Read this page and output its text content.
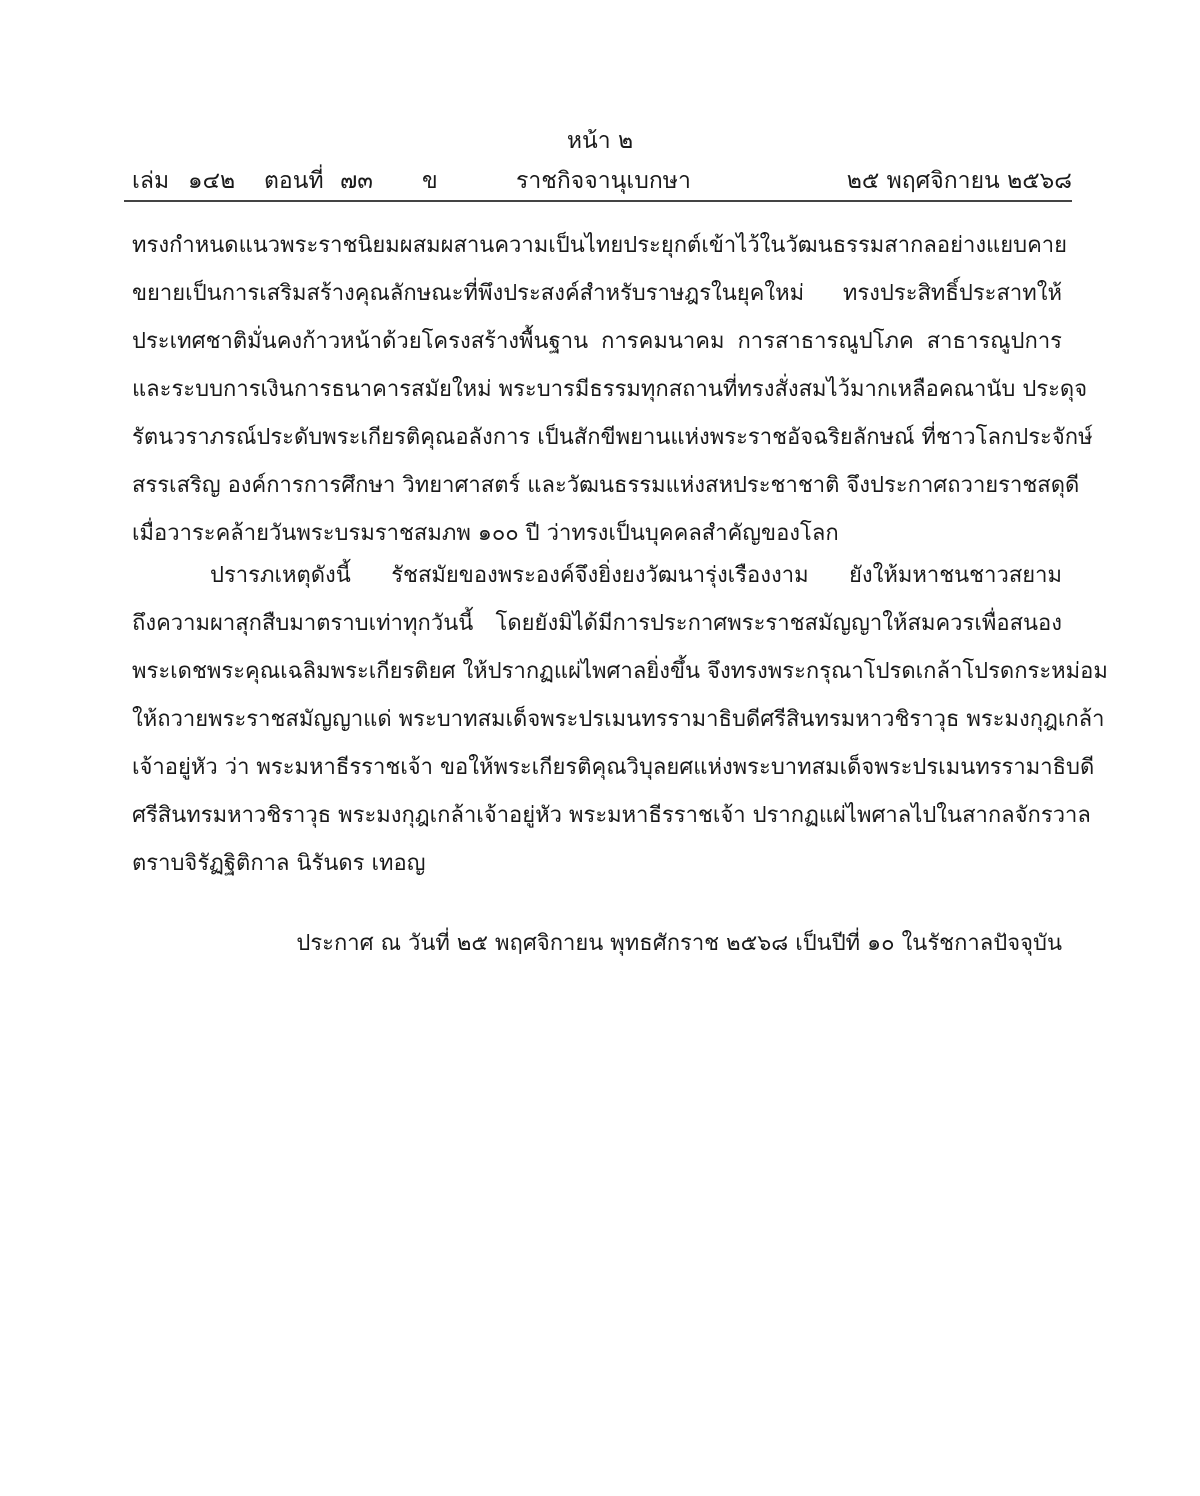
หน้า ๒
เล่ม ๑๔๒ ตอนที่ ๗๓ ข	ราชกิจจานุเบกษา	๒๕ พฤศจิกายน ๒๕๖๘
ทรงกำหนดแนวพระราชนิยมผสมผสานความเป็นไทยประยุกต์เข้าไว้ในวัฒนธรรมสากลอย่างแยบคาย
ขยายเป็นการเสริมสร้างคุณลักษณะที่พึงประสงค์สำหรับราษฎรในยุคใหม่ ทรงประสิทธิ์ประสาทให้
ประเทศชาติมั่นคงก้าวหน้าด้วยโครงสร้างพื้นฐาน การคมนาคม การสาธารณูปโภค สาธารณูปการ
และระบบการเงินการธนาคารสมัยใหม่ พระบารมีธรรมทุกสถานที่ทรงสั่งสมไว้มากเหลือคณานับ ประดุจ
รัตนวราภรณ์ประดับพระเกียรติคุณอลังการ เป็นสักขีพยานแห่งพระราชอัจฉริยลักษณ์ ที่ชาวโลกประจักษ์
สรรเสริญ องค์การการศึกษา วิทยาศาสตร์ และวัฒนธรรมแห่งสหประชาชาติ จึงประกาศถวายราชสดุดี
เมื่อวาระคล้ายวันพระบรมราชสมภพ ๑๐๐ ปี ว่าทรงเป็นบุคคลสำคัญของโลก
ปรารภเหตุดังนี้ รัชสมัยของพระองค์จึงยิ่งยงวัฒนารุ่งเรืองงาม ยังให้มหาชนชาวสยาม
ถึงความผาสุกสืบมาตราบเท่าทุกวันนี้ โดยยังมิได้มีการประกาศพระราชสมัญญาให้สมควรเพื่อสนอง
พระเดชพระคุณเฉลิมพระเกียรติยศ ให้ปรากฏแผ่ไพศาลยิ่งขึ้น จึงทรงพระกรุณาโปรดเกล้าโปรดกระหม่อม
ให้ถวายพระราชสมัญญาแด่ พระบาทสมเด็จพระปรเมนทรรามาธิบดีศรีสินทรมหาวชิราวุธ พระมงกุฎเกล้า
เจ้าอยู่หัว ว่า พระมหาธีรราชเจ้า ขอให้พระเกียรติคุณวิบุลยศแห่งพระบาทสมเด็จพระปรเมนทรรามาธิบดี
ศรีสินทรมหาวชิราวุธ พระมงกุฎเกล้าเจ้าอยู่หัว พระมหาธีรราชเจ้า ปรากฏแผ่ไพศาลไปในสากลจักรวาล
ตราบจิรัฏฐิติกาล นิรันดร เทอญ
ประกาศ ณ วันที่ ๒๕ พฤศจิกายน พุทธศักราช ๒๕๖๘ เป็นปีที่ ๑๐ ในรัชกาลปัจจุบัน
